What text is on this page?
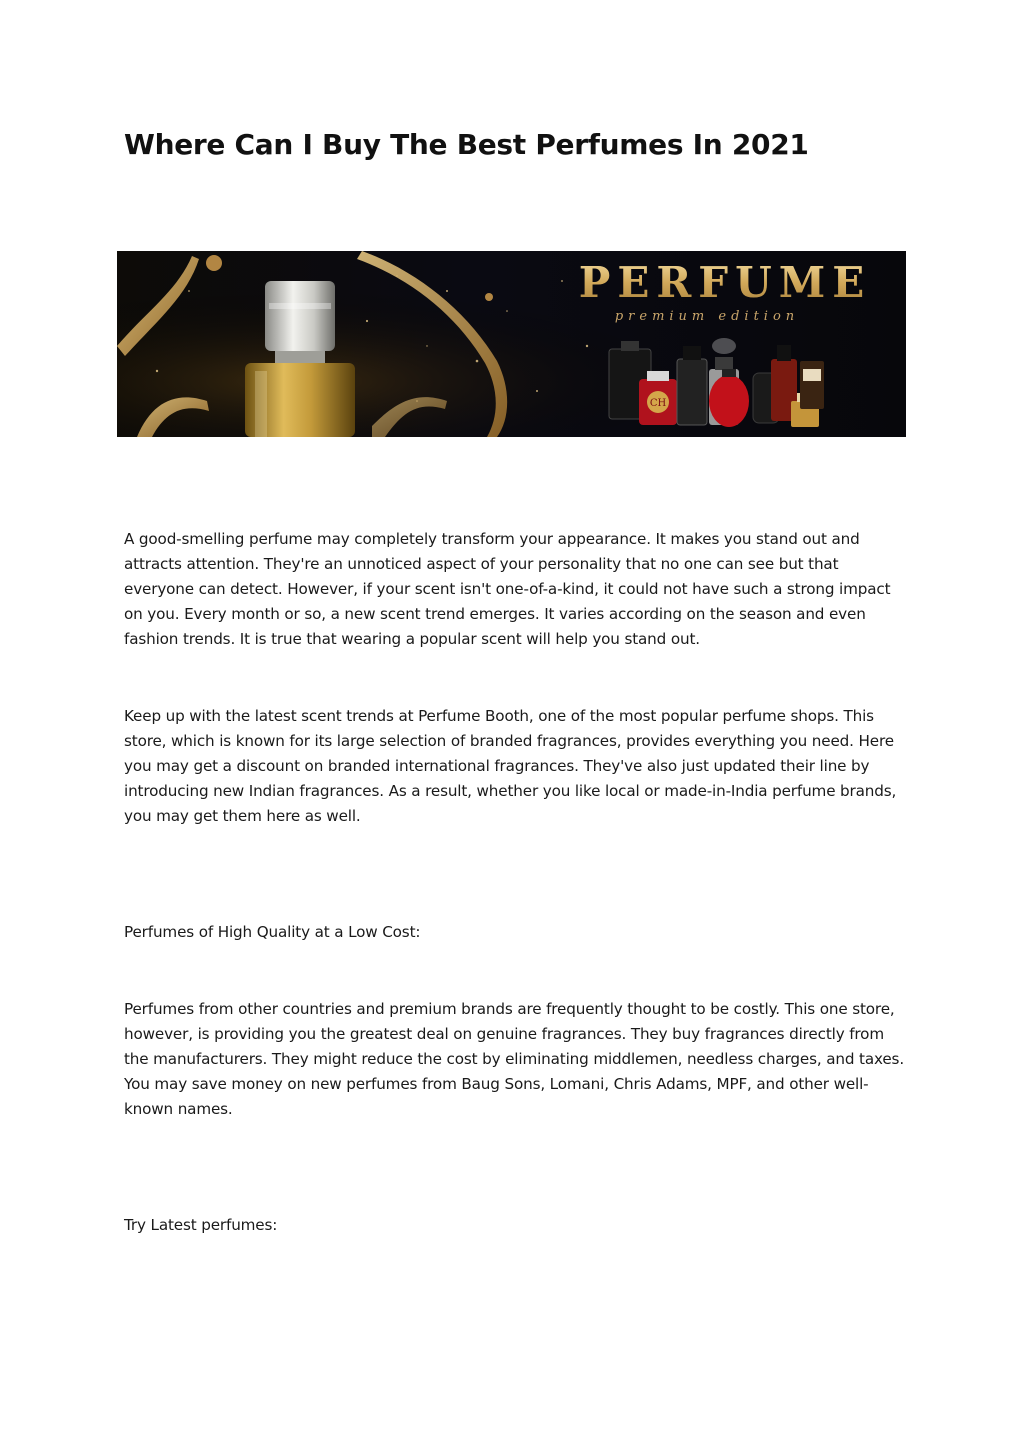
Where Can I Buy The Best Perfumes In 2021
PERFUME
premium edition
CH

A good-smelling perfume may completely transform your appearance. It makes you stand out and attracts attention. They're an unnoticed aspect of your personality that no one can see but that everyone can detect. However, if your scent isn't one-of-a-kind, it could not have such a strong impact on you. Every month or so, a new scent trend emerges. It varies according on the season and even fashion trends. It is true that wearing a popular scent will help you stand out.

Keep up with the latest scent trends at Perfume Booth, one of the most popular perfume shops. This store, which is known for its large selection of branded fragrances, provides everything you need. Here you may get a discount on branded international fragrances. They've also just updated their line by introducing new Indian fragrances. As a result, whether you like local or made-in-India perfume brands, you may get them here as well.

Perfumes of High Quality at a Low Cost:

Perfumes from other countries and premium brands are frequently thought to be costly. This one store, however, is providing you the greatest deal on genuine fragrances. They buy fragrances directly from the manufacturers. They might reduce the cost by eliminating middlemen, needless charges, and taxes. You may save money on new perfumes from Baug Sons, Lomani, Chris Adams, MPF, and other well-known names.

Try Latest perfumes:
